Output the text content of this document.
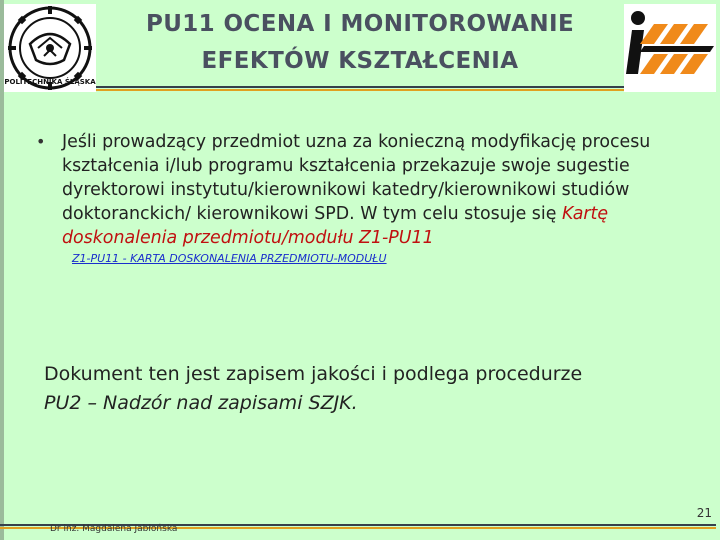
POLITECHNIKA ŚLĄSKA
PU11 OCENA I MONITOROWANIE
EFEKTÓW KSZTAŁCENIA
• Jeśli prowadzący przedmiot uzna za konieczną modyfikację procesu kształcenia i/lub programu kształcenia przekazuje swoje sugestie dyrektorowi instytutu/kierownikowi katedry/kierownikowi studiów doktoranckich/ kierownikowi SPD. W tym celu stosuje się Kartę doskonalenia przedmiotu/modułu Z1-PU11
Z1-PU11 - KARTA DOSKONALENIA PRZEDMIOTU-MODUŁU
Dokument ten jest zapisem jakości i podlega procedurze
PU2 – Nadzór nad zapisami SZJK.
21
Dr inż. Magdalena Jabłońska
